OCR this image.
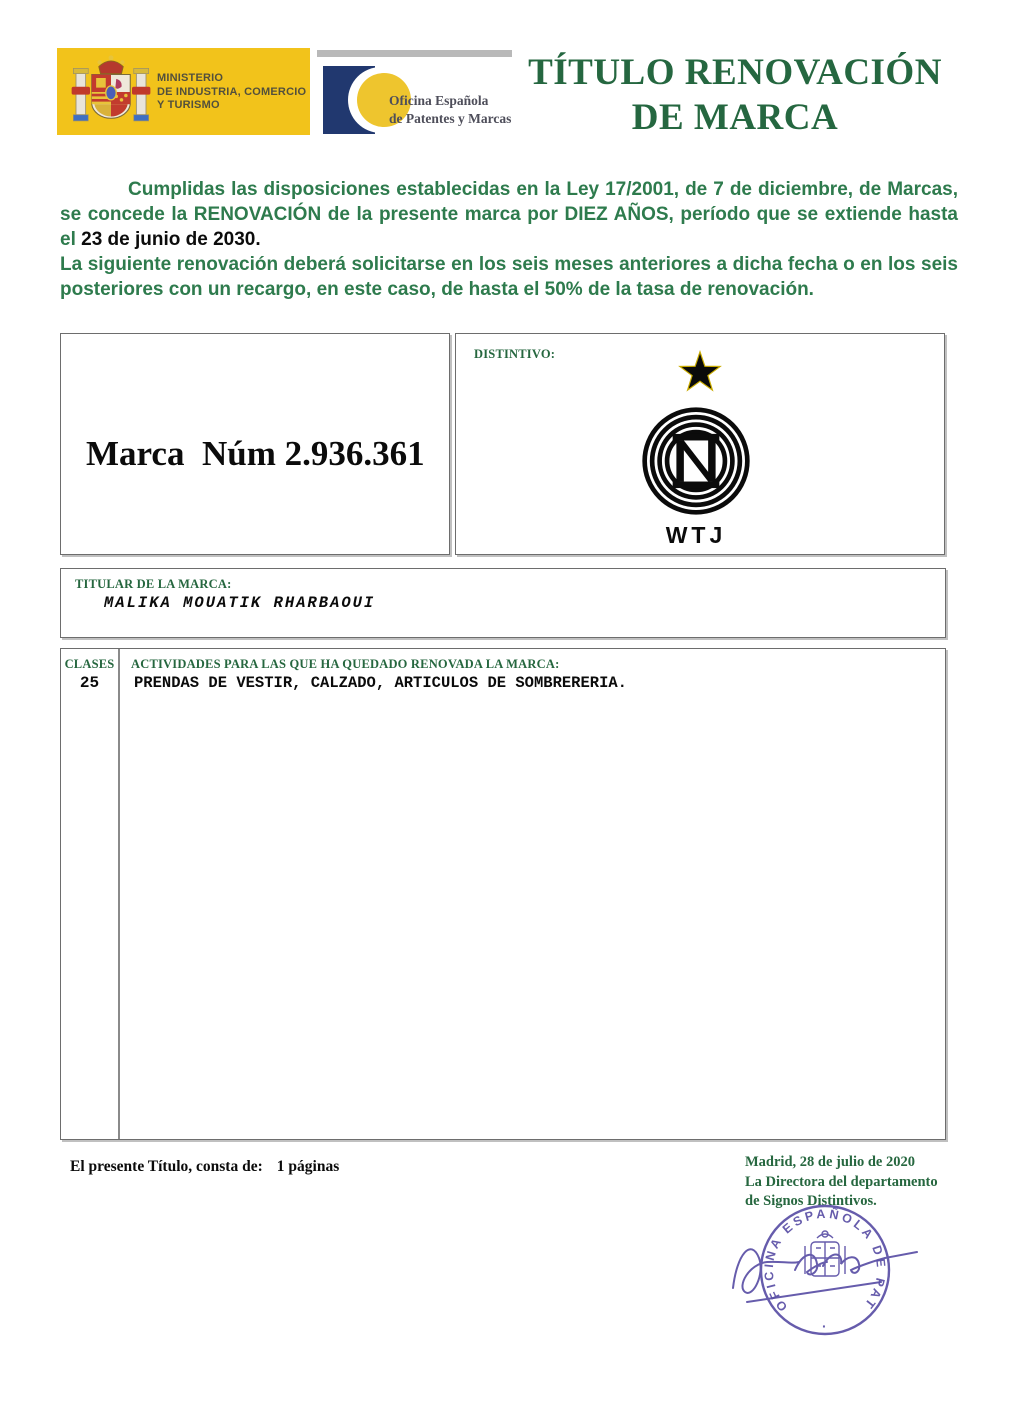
MINISTERIO
DE INDUSTRIA, COMERCIO
Y TURISMO	Oficina Española
de Patentes y Marcas
TÍTULO RENOVACIÓN
DE MARCA

Cumplidas las disposiciones establecidas en la Ley 17/2001, de 7 de diciembre, de Marcas, se concede la RENOVACIÓN de la presente marca por DIEZ AÑOS, período que se extiende hasta el 23 de junio de 2030.

La siguiente renovación deberá solicitarse en los seis meses anteriores a dicha fecha o en los seis posteriores con un recargo, en este caso, de hasta el 50% de la tasa de renovación.

Marca  Núm 2.936.361
DISTINTIVO:
WTJ
TITULAR DE LA MARCA:
MALIKA MOUATIK RHARBAOUI
CLASES
25
ACTIVIDADES PARA LAS QUE HA QUEDADO RENOVADA LA MARCA:
PRENDAS DE VESTIR, CALZADO, ARTICULOS DE SOMBRERERIA.
El presente Título, consta de: 1 páginas	Madrid, 28 de julio de 2020
La Directora del departamento
de Signos Distintivos.
OFICINA ESPAÑOLA DE PATENTES Y MARCAS
·
